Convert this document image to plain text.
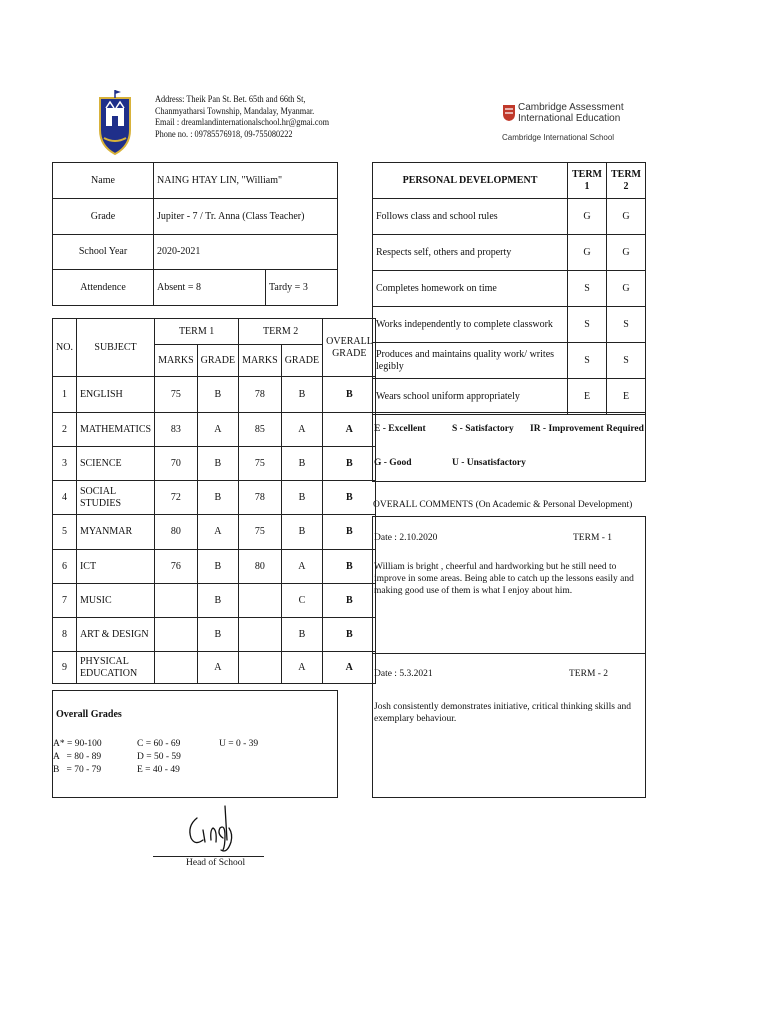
Address: Theik Pan St. Bet. 65th and 66th St,
Chanmyatharsi Township, Mandalay, Myanmar.
Email : dreamlandinternationalschool.hr@gmai.com
Phone no. : 09785576918, 09-755080222
Cambridge Assessment
International Education
Cambridge International School
Name	NAING HTAY LIN, "William"	
Grade	Jupiter - 7 / Tr. Anna (Class Teacher)	
School Year	2020-2021	
Attendence	Absent = 8	Tardy = 3
NO.	SUBJECT	TERM 1		TERM 2		OVERALL GRADE
		MARKS	GRADE	MARKS	GRADE	
1	ENGLISH	75	B	78	B	B
2	MATHEMATICS	83	A	85	A	A
3	SCIENCE	70	B	75	B	B
4	SOCIAL STUDIES	72	B	78	B	B
5	MYANMAR	80	A	75	B	B
6	ICT	76	B	80	A	B
7	MUSIC		B		C	B
8	ART & DESIGN		B		B	B
9	PHYSICAL EDUCATION		A		A	A
Overall Grades
A* = 90-100
A   = 80 - 89
B   = 70 - 79
C = 60 - 69
D = 50 - 59
E = 40 - 49
U = 0 - 39
Head of School
PERSONAL DEVELOPMENT	TERM 1	TERM 2
Follows class and school rules	G	G
Respects self, others and property	G	G
Completes homework on time	S	G
Works independently to complete classwork	S	S
Produces and maintains quality work/ writes legibly	S	S
Wears school uniform appropriately	E	E
E - Excellent	S - Satisfactory IR - Improvement Required
G - Good	U - Unsatisfactory
OVERALL COMMENTS (On Academic & Personal Development)
Date : 2.10.2020	TERM - 1
William is bright , cheerful and hardworking but he still need to improve in some areas. Being able to catch up the lessons easily and making good use of them is what I enjoy about him.
Date : 5.3.2021	TERM - 2
Josh consistently demonstrates initiative, critical thinking skills and exemplary behaviour.
